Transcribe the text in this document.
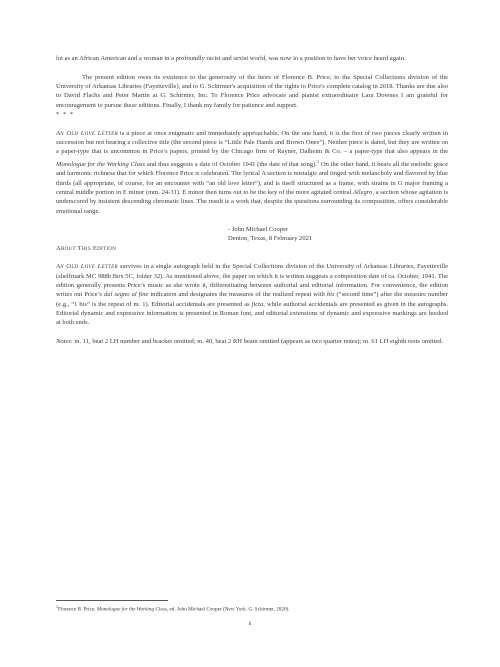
lot as an African American and a woman in a profoundly racist and sexist world, was now in a position to have her voice heard again.

The present edition owes its existence to the generosity of the heirs of Florence B. Price, to the Special Collections division of the University of Arkansas Libraries (Fayetteville), and to G. Schirmer's acquisition of the rights to Price's complete catalog in 2018. Thanks are due also to David Flachs and Peter Martin at G. Schirmer, Inc. To Florence Price advocate and pianist extraordinaire Lara Downes I am grateful for encouragement to pursue these editions. Finally, I thank my family for patience and support.

* * *

An Old Love Letter is a piece at once enigmatic and immediately approachable. On the one hand, it is the first of two pieces clearly written in succession but not bearing a collective title (the second piece is “Little Pale Hands and Brown Ones”). Neither piece is dated, but they are written on a paper-type that is uncommon in Price’s papers, printed by the Chicago firm of Rayner, Dalheim & Co. – a paper-type that also appears in the Monologue for the Working Class and thus suggests a date of October 1941 (the date of that song).$^1$ On the other hand, it bears all the melodic grace and harmonic richness that for which Florence Price is celebrated. The lyrical A section is nostalgic and tinged with melancholy and flavored by blue thirds (all appropriate, of course, for an encounter with “an old love letter”), and is itself structured as a frame, with strains in G major framing a central middle portion in E minor (mm. 24-31). E minor then turns out to be the key of the more agitated central Allegro, a section whose agitation is underscored by insistent descending chromatic lines. The result is a work that, despite the questions surrounding its composition, offers considerable emotional range.

- John Michael Cooper
Denton, Texas, 8 February 2021

About This Edition

An Old Love Letter survives in a single autograph held in the Special Collections division of the University of Arkansas Libraries, Fayetteville (shelfmark MC 988b Box 5C, folder 32). As mentioned above, the paper on which it is written suggests a composition date of ca. October, 1941. The edition generally presents Price’s music as she wrote it, differentiating between authorial and editorial information. For convenience, the edition writes out Price’s dal segno al fine indication and designates the measures of the realized repeat with bis (“second time”) after the measure number (e.g., “1 bis” is the repeat of m. 1). Editorial accidentals are presented as ficta, while authorial accidentals are presented as given in the autographs. Editorial dynamic and expressive information is presented in Roman font, and editorial extensions of dynamic and expressive markings are hooked at both ends.

Notes: m. 11, beat 2 LH number and bracket omitted; m. 40, beat 2 RH beam omitted (appears as two quarter notes); m. 61 LH eighth rests omitted.

$^1$Florence B. Price, Monologue for the Working Class, ed. John Michael Cooper (New York: G. Schirmer, 2020).
ii
